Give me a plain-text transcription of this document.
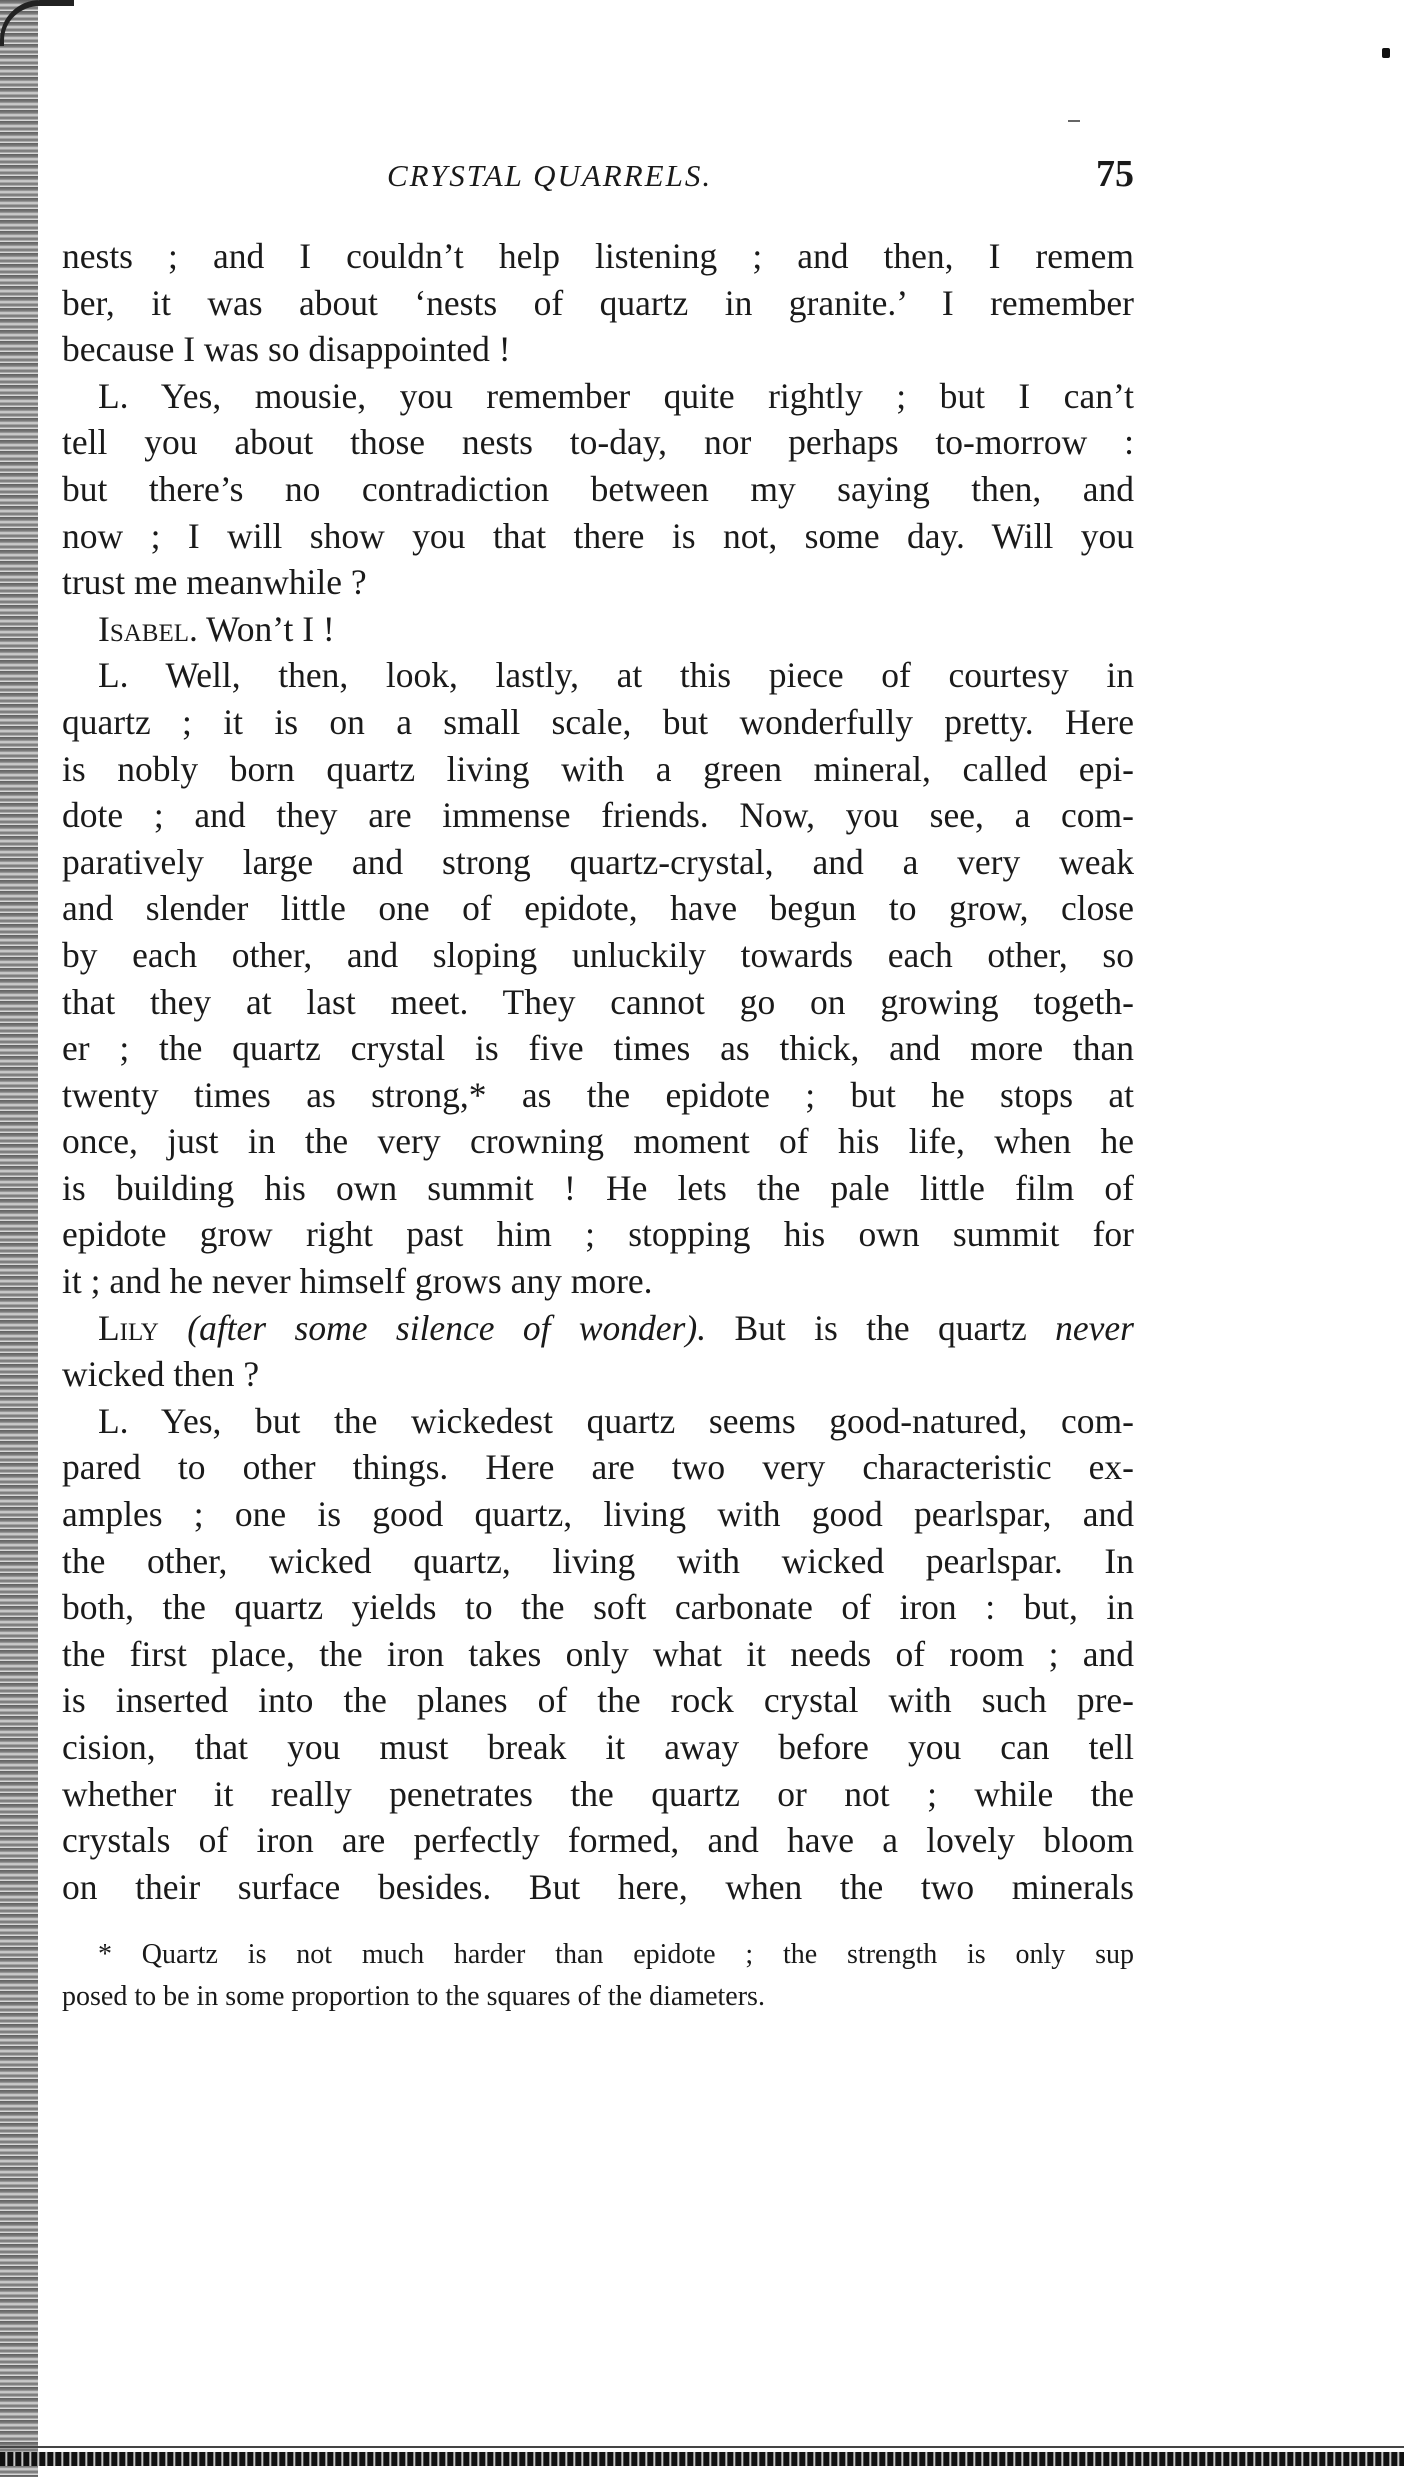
CRYSTAL QUARRELS.	75
nests ; and I couldn’t help listening ; and then, I remem
ber, it was about ‘nests of quartz in granite.’ I remember
because I was so disappointed !
L. Yes, mousie, you remember quite rightly ; but I can’t
tell you about those nests to-day, nor perhaps to-morrow :
but there’s no contradiction between my saying then, and
now ; I will show you that there is not, some day. Will you
trust me meanwhile ?
Isabel. Won’t I !
L. Well, then, look, lastly, at this piece of courtesy in
quartz ; it is on a small scale, but wonderfully pretty. Here
is nobly born quartz living with a green mineral, called epi-
dote ; and they are immense friends. Now, you see, a com-
paratively large and strong quartz-crystal, and a very weak
and slender little one of epidote, have begun to grow, close
by each other, and sloping unluckily towards each other, so
that they at last meet. They cannot go on growing togeth-
er ; the quartz crystal is five times as thick, and more than
twenty times as strong,* as the epidote ; but he stops at
once, just in the very crowning moment of his life, when he
is building his own summit ! He lets the pale little film of
epidote grow right past him ; stopping his own summit for
it ; and he never himself grows any more.
Lily (after some silence of wonder). But is the quartz never
wicked then ?
L. Yes, but the wickedest quartz seems good-natured, com-
pared to other things. Here are two very characteristic ex-
amples ; one is good quartz, living with good pearlspar, and
the other, wicked quartz, living with wicked pearlspar. In
both, the quartz yields to the soft carbonate of iron : but, in
the first place, the iron takes only what it needs of room ; and
is inserted into the planes of the rock crystal with such pre-
cision, that you must break it away before you can tell
whether it really penetrates the quartz or not ; while the
crystals of iron are perfectly formed, and have a lovely bloom
on their surface besides. But here, when the two minerals
* Quartz is not much harder than epidote ; the strength is only sup
posed to be in some proportion to the squares of the diameters.
